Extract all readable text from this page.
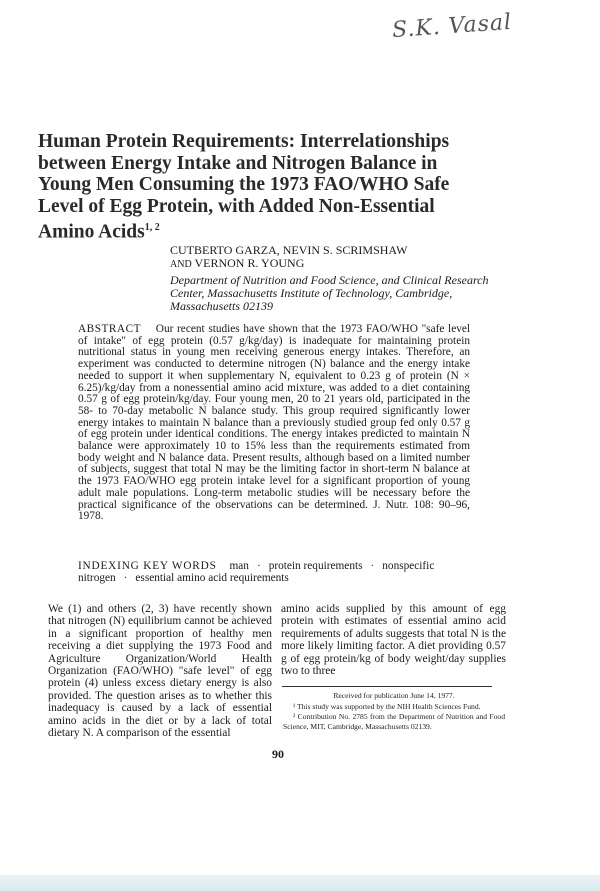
S.K. Vasal
Human Protein Requirements: Interrelationships between Energy Intake and Nitrogen Balance in Young Men Consuming the 1973 FAO/WHO Safe Level of Egg Protein, with Added Non-Essential Amino Acids$^{1, 2}$
CUTBERTO GARZA, NEVIN S. SCRIMSHAW
AND VERNON R. YOUNG
Department of Nutrition and Food Science, and Clinical Research Center, Massachusetts Institute of Technology, Cambridge, Massachusetts 02139

ABSTRACT Our recent studies have shown that the 1973 FAO/WHO "safe level of intake" of egg protein (0.57 g/kg/day) is inadequate for maintaining protein nutritional status in young men receiving generous energy intakes. Therefore, an experiment was conducted to determine nitrogen (N) balance and the energy intake needed to support it when supplementary N, equivalent to 0.23 g of protein (N × 6.25)/kg/day from a nonessential amino acid mixture, was added to a diet containing 0.57 g of egg protein/kg/day. Four young men, 20 to 21 years old, participated in the 58- to 70-day metabolic N balance study. This group required significantly lower energy intakes to maintain N balance than a previously studied group fed only 0.57 g of egg protein under identical conditions. The energy intakes predicted to maintain N balance were approximately 10 to 15% less than the requirements estimated from body weight and N balance data. Present results, although based on a limited number of subjects, suggest that total N may be the limiting factor in short-term N balance at the 1973 FAO/WHO egg protein intake level for a significant proportion of young adult male populations. Long-term metabolic studies will be necessary before the practical significance of the observations can be determined. J. Nutr. 108: 90–96, 1978.

INDEXING KEY WORDS man · protein requirements · nonspecific nitrogen · essential amino acid requirements

We (1) and others (2, 3) have recently shown that nitrogen (N) equilibrium cannot be achieved in a significant proportion of healthy men receiving a diet supplying the 1973 Food and Agriculture Organization/World Health Organization (FAO/WHO) "safe level" of egg protein (4) unless excess dietary energy is also provided. The question arises as to whether this inadequacy is caused by a lack of essential amino acids in the diet or by a lack of total dietary N. A comparison of the essential

amino acids supplied by this amount of egg protein with estimates of essential amino acid requirements of adults suggests that total N is the more likely limiting factor. A diet providing 0.57 g of egg protein/kg of body weight/day supplies two to three

Received for publication June 14, 1977.

¹ This study was supported by the NIH Health Sciences Fund.

² Contribution No. 2785 from the Department of Nutrition and Food Science, MIT, Cambridge, Massachusetts 02139.

90
